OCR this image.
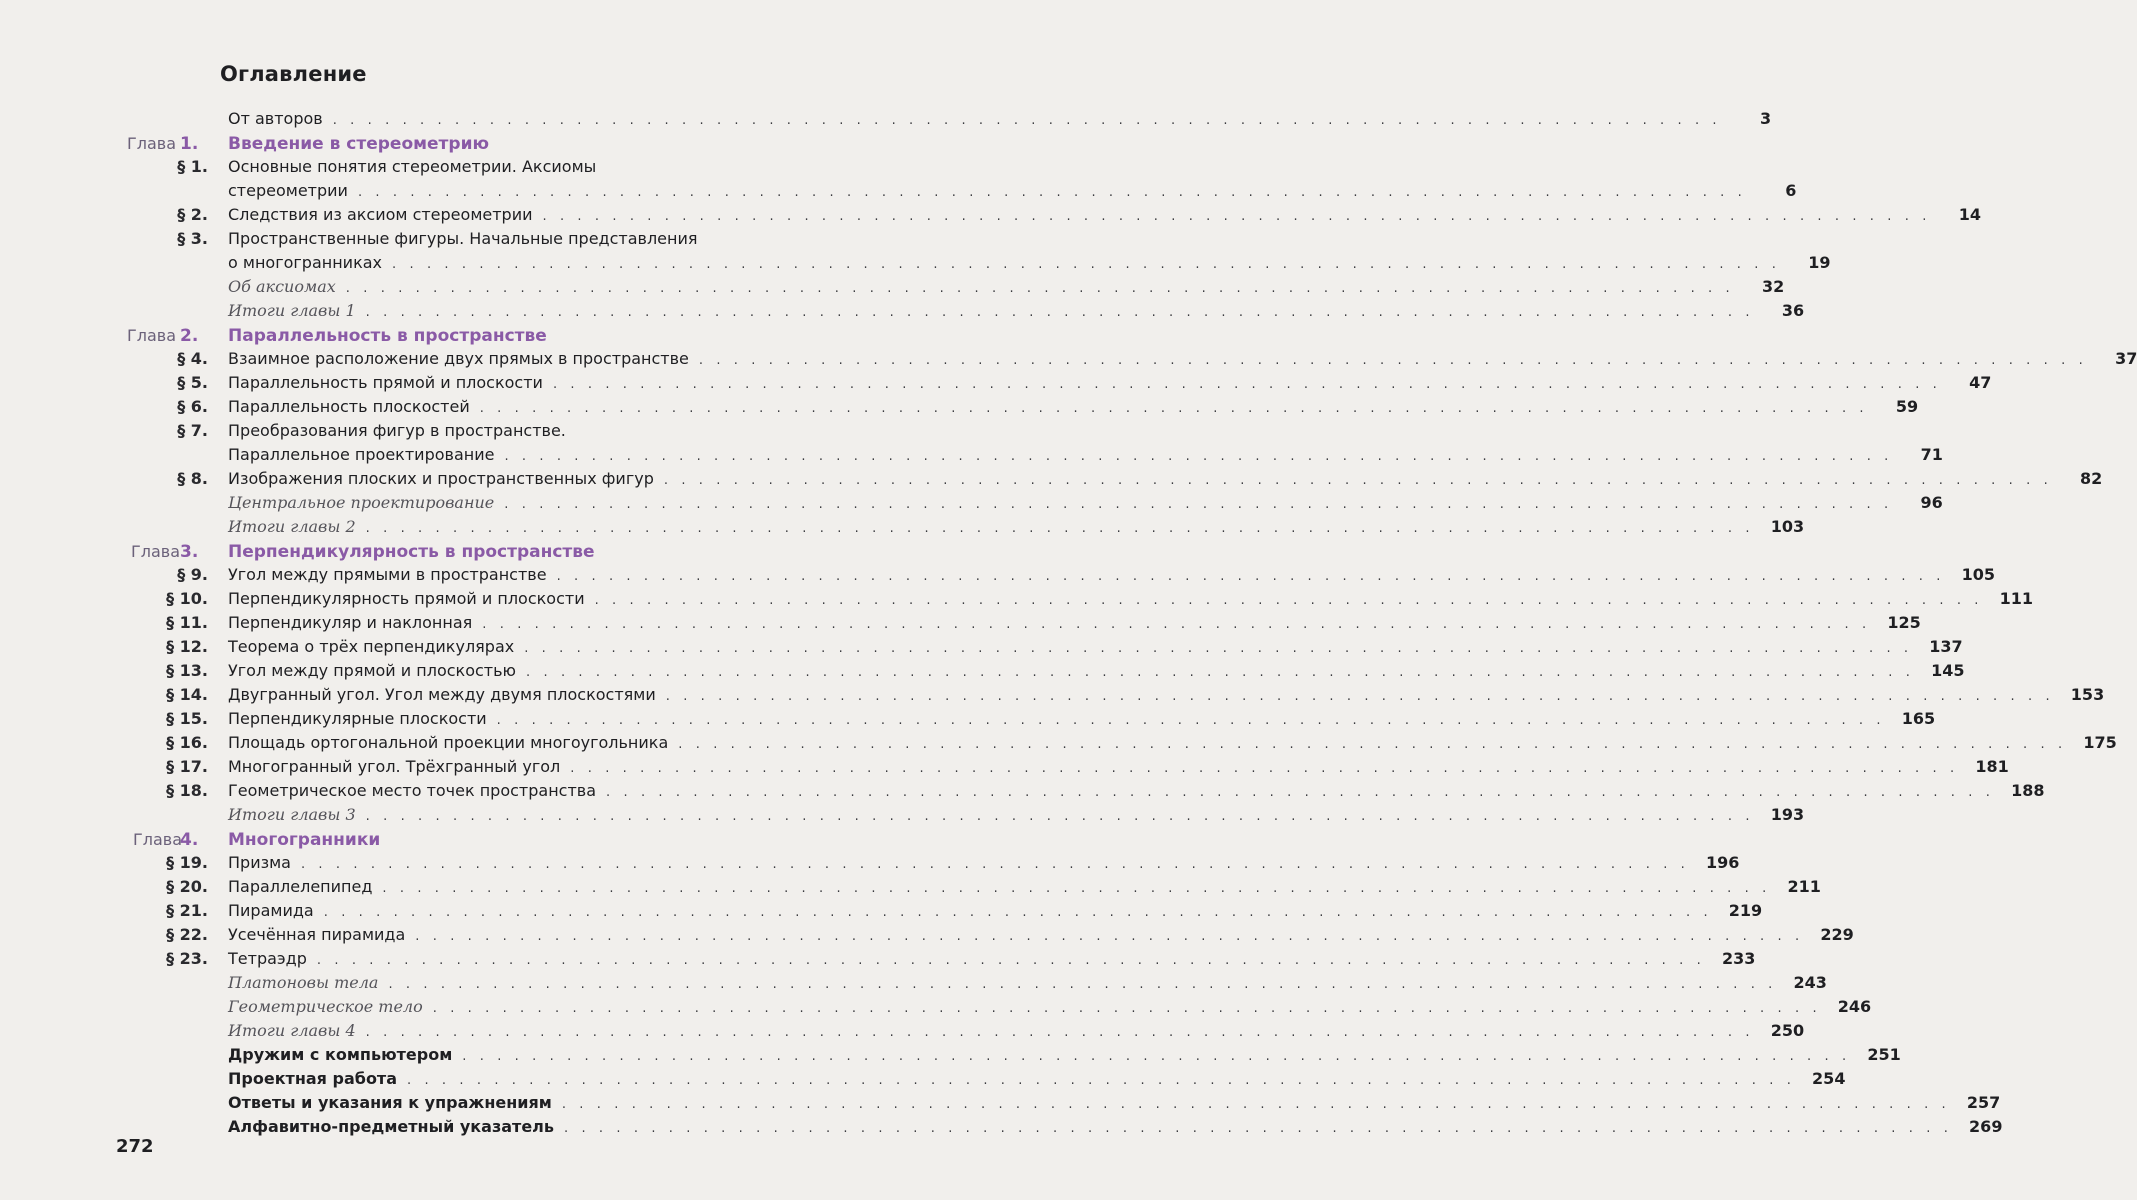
Оглавление
От авторов . . . . . . . . . . . . . . . . . . . . . . . . . . . . . . . . . . . . . . . . . . . . . . . . . . . . . . . . . . . . . . . . . . . . . . . . . . . . . . . .	3
Глава 1. Введение в стереометрию
§ 1. Основные понятия стереометрии. Аксиомы
стереометрии . . . . . . . . . . . . . . . . . . . . . . . . . . . . . . . . . . . . . . . . . . . . . . . . . . . . . . . . . . . . . . . . . . . . . . . . . . . . . . . .	6
§ 2. Следствия из аксиом стереометрии . . . . . . . . . . . . . . . . . . . . . . . . . . . . . . . . . . . . . . . . . . . . . . . . . . . . . . . . . . . . . . . . . . . . . . . . . . . . . . . .	14
§ 3. Пространственные фигуры. Начальные представления
о многогранниках . . . . . . . . . . . . . . . . . . . . . . . . . . . . . . . . . . . . . . . . . . . . . . . . . . . . . . . . . . . . . . . . . . . . . . . . . . . . . . . .	19
Об аксиомах . . . . . . . . . . . . . . . . . . . . . . . . . . . . . . . . . . . . . . . . . . . . . . . . . . . . . . . . . . . . . . . . . . . . . . . . . . . . . . . .	32
Итоги главы 1 . . . . . . . . . . . . . . . . . . . . . . . . . . . . . . . . . . . . . . . . . . . . . . . . . . . . . . . . . . . . . . . . . . . . . . . . . . . . . . . .	36
Глава 2. Параллельность в пространстве
§ 4. Взаимное расположение двух прямых в пространстве . . . . . . . . . . . . . . . . . . . . . . . . . . . . . . . . . . . . . . . . . . . . . . . . . . . . . . . . . . . . . . . . . . . . . . . . . . . . . . . .	37
§ 5. Параллельность прямой и плоскости . . . . . . . . . . . . . . . . . . . . . . . . . . . . . . . . . . . . . . . . . . . . . . . . . . . . . . . . . . . . . . . . . . . . . . . . . . . . . . . .	47
§ 6. Параллельность плоскостей . . . . . . . . . . . . . . . . . . . . . . . . . . . . . . . . . . . . . . . . . . . . . . . . . . . . . . . . . . . . . . . . . . . . . . . . . . . . . . . .	59
§ 7. Преобразования фигур в пространстве.
Параллельное проектирование . . . . . . . . . . . . . . . . . . . . . . . . . . . . . . . . . . . . . . . . . . . . . . . . . . . . . . . . . . . . . . . . . . . . . . . . . . . . . . . .	71
§ 8. Изображения плоских и пространственных фигур . . . . . . . . . . . . . . . . . . . . . . . . . . . . . . . . . . . . . . . . . . . . . . . . . . . . . . . . . . . . . . . . . . . . . . . . . . . . . . . .	82
Центральное проектирование . . . . . . . . . . . . . . . . . . . . . . . . . . . . . . . . . . . . . . . . . . . . . . . . . . . . . . . . . . . . . . . . . . . . . . . . . . . . . . . .	96
Итоги главы 2 . . . . . . . . . . . . . . . . . . . . . . . . . . . . . . . . . . . . . . . . . . . . . . . . . . . . . . . . . . . . . . . . . . . . . . . . . . . . . . . . 103
Глава 3. Перпендикулярность в пространстве
§ 9. Угол между прямыми в пространстве . . . . . . . . . . . . . . . . . . . . . . . . . . . . . . . . . . . . . . . . . . . . . . . . . . . . . . . . . . . . . . . . . . . . . . . . . . . . . . . . 105
§ 10. Перпендикулярность прямой и плоскости . . . . . . . . . . . . . . . . . . . . . . . . . . . . . . . . . . . . . . . . . . . . . . . . . . . . . . . . . . . . . . . . . . . . . . . . . . . . . . . . 111
§ 11. Перпендикуляр и наклонная . . . . . . . . . . . . . . . . . . . . . . . . . . . . . . . . . . . . . . . . . . . . . . . . . . . . . . . . . . . . . . . . . . . . . . . . . . . . . . . . 125
§ 12. Теорема о трёх перпендикулярах . . . . . . . . . . . . . . . . . . . . . . . . . . . . . . . . . . . . . . . . . . . . . . . . . . . . . . . . . . . . . . . . . . . . . . . . . . . . . . . . 137
§ 13. Угол между прямой и плоскостью . . . . . . . . . . . . . . . . . . . . . . . . . . . . . . . . . . . . . . . . . . . . . . . . . . . . . . . . . . . . . . . . . . . . . . . . . . . . . . . . 145
§ 14. Двугранный угол. Угол между двумя плоскостями . . . . . . . . . . . . . . . . . . . . . . . . . . . . . . . . . . . . . . . . . . . . . . . . . . . . . . . . . . . . . . . . . . . . . . . . . . . . . . . . 153
§ 15. Перпендикулярные плоскости . . . . . . . . . . . . . . . . . . . . . . . . . . . . . . . . . . . . . . . . . . . . . . . . . . . . . . . . . . . . . . . . . . . . . . . . . . . . . . . . 165
§ 16. Площадь ортогональной проекции многоугольника . . . . . . . . . . . . . . . . . . . . . . . . . . . . . . . . . . . . . . . . . . . . . . . . . . . . . . . . . . . . . . . . . . . . . . . . . . . . . . . . 175
§ 17. Многогранный угол. Трёхгранный угол . . . . . . . . . . . . . . . . . . . . . . . . . . . . . . . . . . . . . . . . . . . . . . . . . . . . . . . . . . . . . . . . . . . . . . . . . . . . . . . . 181
§ 18. Геометрическое место точек пространства . . . . . . . . . . . . . . . . . . . . . . . . . . . . . . . . . . . . . . . . . . . . . . . . . . . . . . . . . . . . . . . . . . . . . . . . . . . . . . . . 188
Итоги главы 3 . . . . . . . . . . . . . . . . . . . . . . . . . . . . . . . . . . . . . . . . . . . . . . . . . . . . . . . . . . . . . . . . . . . . . . . . . . . . . . . . 193
Глава
4. Многогранники
§ 19. Призма . . . . . . . . . . . . . . . . . . . . . . . . . . . . . . . . . . . . . . . . . . . . . . . . . . . . . . . . . . . . . . . . . . . . . . . . . . . . . . . . 196
§ 20. Параллелепипед . . . . . . . . . . . . . . . . . . . . . . . . . . . . . . . . . . . . . . . . . . . . . . . . . . . . . . . . . . . . . . . . . . . . . . . . . . . . . . . . 211
§ 21. Пирамида . . . . . . . . . . . . . . . . . . . . . . . . . . . . . . . . . . . . . . . . . . . . . . . . . . . . . . . . . . . . . . . . . . . . . . . . . . . . . . . . 219
§ 22. Усечённая пирамида . . . . . . . . . . . . . . . . . . . . . . . . . . . . . . . . . . . . . . . . . . . . . . . . . . . . . . . . . . . . . . . . . . . . . . . . . . . . . . . . 229
§ 23. Тетраэдр . . . . . . . . . . . . . . . . . . . . . . . . . . . . . . . . . . . . . . . . . . . . . . . . . . . . . . . . . . . . . . . . . . . . . . . . . . . . . . . . 233
Платоновы тела . . . . . . . . . . . . . . . . . . . . . . . . . . . . . . . . . . . . . . . . . . . . . . . . . . . . . . . . . . . . . . . . . . . . . . . . . . . . . . . . 243
Геометрическое тело . . . . . . . . . . . . . . . . . . . . . . . . . . . . . . . . . . . . . . . . . . . . . . . . . . . . . . . . . . . . . . . . . . . . . . . . . . . . . . . . 246
Итоги главы 4 . . . . . . . . . . . . . . . . . . . . . . . . . . . . . . . . . . . . . . . . . . . . . . . . . . . . . . . . . . . . . . . . . . . . . . . . . . . . . . . . 250
Дружим с компьютером . . . . . . . . . . . . . . . . . . . . . . . . . . . . . . . . . . . . . . . . . . . . . . . . . . . . . . . . . . . . . . . . . . . . . . . . . . . . . . . . 251
Проектная работа . . . . . . . . . . . . . . . . . . . . . . . . . . . . . . . . . . . . . . . . . . . . . . . . . . . . . . . . . . . . . . . . . . . . . . . . . . . . . . . . 254
Ответы и указания к упражнениям . . . . . . . . . . . . . . . . . . . . . . . . . . . . . . . . . . . . . . . . . . . . . . . . . . . . . . . . . . . . . . . . . . . . . . . . . . . . . . . . 257
Алфавитно-предметный указатель . . . . . . . . . . . . . . . . . . . . . . . . . . . . . . . . . . . . . . . . . . . . . . . . . . . . . . . . . . . . . . . . . . . . . . . . . . . . . . . . 269
272
